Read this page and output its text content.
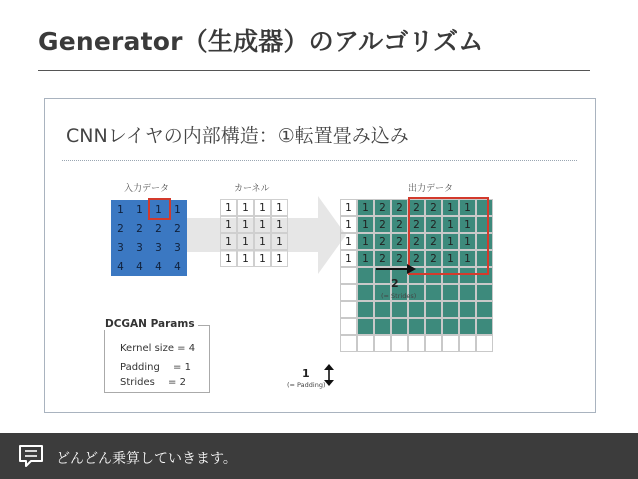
Generator（生成器）のアルゴリズム
CNNレイヤの内部構造：①転置畳み込み
入力データ	カーネル	出力データ
1	1	1	1
2	2	2	2
3	3	3	3
4	4	4	4
1 1 1 1
1 1 1 1
1 1 1 1
1 1 1 1
1 1 2 2 2 2 1 1
1 1 2 2 2 2 1 1
1 1 2 2 2 2 1 1
1 1 2 2 2 2 1 1
2
(= Strides)
1
(= Padding)
DCGAN Params
Kernel size = 4
Padding　 = 1
Strides　 = 2
どんどん乗算していきます。
